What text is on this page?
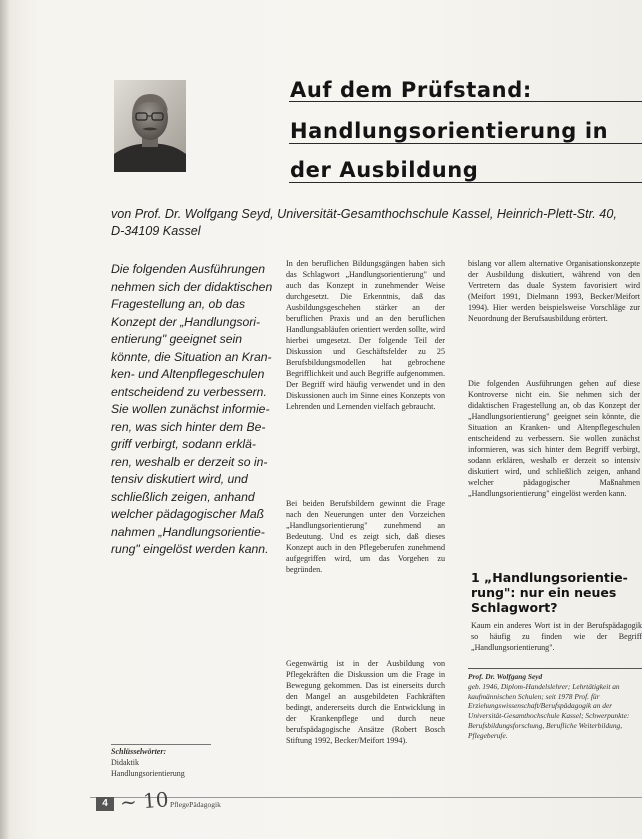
Auf dem Prüfstand:
Handlungsorientierung in
der Ausbildung
von Prof. Dr. Wolfgang Seyd, Universität-Gesamthochschule Kassel, Heinrich-Plett-Str. 40, D-34109 Kassel
Die folgenden Ausführungen
nehmen sich der didaktischen
Fragestellung an, ob das
Konzept der „Handlungsori-
entierung" geeignet sein
könnte, die Situation an Kran-
ken- und Altenpflegeschulen
entscheidend zu verbessern.
Sie wollen zunächst informie-
ren, was sich hinter dem Be-
griff verbirgt, sodann erklä-
ren, weshalb er derzeit so in-
tensiv diskutiert wird, und
schließlich zeigen, anhand
welcher pädagogischer Maß
nahmen „Handlungsorientie-
rung" eingelöst werden kann.

In den beruflichen Bildungsgängen haben sich das Schlagwort „Handlungsorientierung" und auch das Konzept in zunehmender Weise durchgesetzt. Die Erkenntnis, daß das Ausbildungsgeschehen stärker an der beruflichen Praxis und an den beruflichen Handlungsabläufen orientiert werden sollte, wird hierbei umgesetzt. Der folgende Teil der Diskussion und Geschäftsfelder zu 25 Berufsbildungsmodellen hat gebrochene Begrifflichkeit und auch Begriffe aufgenommen. Der Begriff wird häufig verwendet und in den Diskussionen auch im Sinne eines Konzepts von Lehrenden und Lernenden vielfach gebraucht.

Bei beiden Berufsbildern gewinnt die Frage nach den Neuerungen unter den Vorzeichen „Handlungsorientierung" zunehmend an Bedeutung. Und es zeigt sich, daß dieses Konzept auch in den Pflegeberufen zunehmend aufgegriffen wird, um das Vorgehen zu begründen.

Gegenwärtig ist in der Ausbildung von Pflegekräften die Diskussion um die Frage in Bewegung gekommen. Das ist einerseits durch den Mangel an ausgebildeten Fachkräften bedingt, andererseits durch die Entwicklung in der Krankenpflege und durch neue berufspädagogische Ansätze (Robert Bosch Stiftung 1992, Becker/Meifort 1994).

bislang vor allem alternative Organisationskonzepte der Ausbildung diskutiert, während von den Vertretern das duale System favorisiert wird (Meifort 1991, Dielmann 1993, Becker/Meifort 1994). Hier werden beispielsweise Vorschläge zur Neuordnung der Berufsausbildung erörtert.

Die folgenden Ausführungen gehen auf diese Kontroverse nicht ein. Sie nehmen sich der didaktischen Fragestellung an, ob das Konzept der „Handlungsorientierung" geeignet sein könnte, die Situation an Kranken- und Altenpflegeschulen entscheidend zu verbessern. Sie wollen zunächst informieren, was sich hinter dem Begriff verbirgt, sodann erklären, weshalb er derzeit so intensiv diskutiert wird, und schließlich zeigen, anhand welcher pädagogischer Maßnahmen „Handlungsorientierung" eingelöst werden kann.

1 „Handlungsorientie-
rung": nur ein neues
Schlagwort?

Kaum ein anderes Wort ist in der Berufspädagogik so häufig zu finden wie der Begriff „Handlungsorientierung".

Prof. Dr. Wolfgang Seyd
geb. 1946, Diplom-Handelslehrer; Lehrtätigkeit an kaufmännischen Schulen; seit 1978 Prof. für Erziehungswissenschaft/Berufspädagogik an der Universität-Gesamthochschule Kassel; Schwerpunkte: Berufsbildungsforschung, Berufliche Weiterbildung, Pflegeberufe.
Schlüsselwörter:
Didaktik
Handlungsorientierung
4 ~ 10 PflegePädagogik
